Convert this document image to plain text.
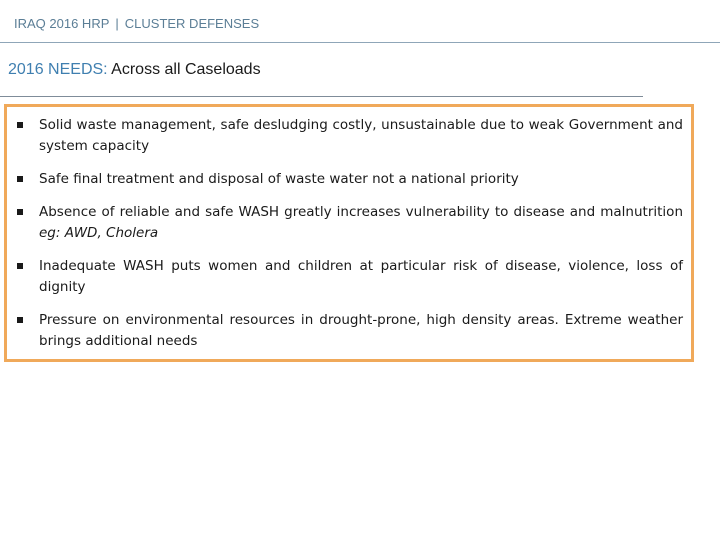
IRAQ 2016 HRP | CLUSTER DEFENSES
2016 NEEDS: Across all Caseloads
Solid waste management, safe desludging costly, unsustainable due to weak Government and system capacity
Safe final treatment and disposal of waste water not a national priority
Absence of reliable and safe WASH greatly increases vulnerability to disease and malnutrition eg: AWD, Cholera
Inadequate WASH puts women and children at particular risk of disease, violence, loss of dignity
Pressure on environmental resources in drought-prone, high density areas. Extreme weather brings additional needs
